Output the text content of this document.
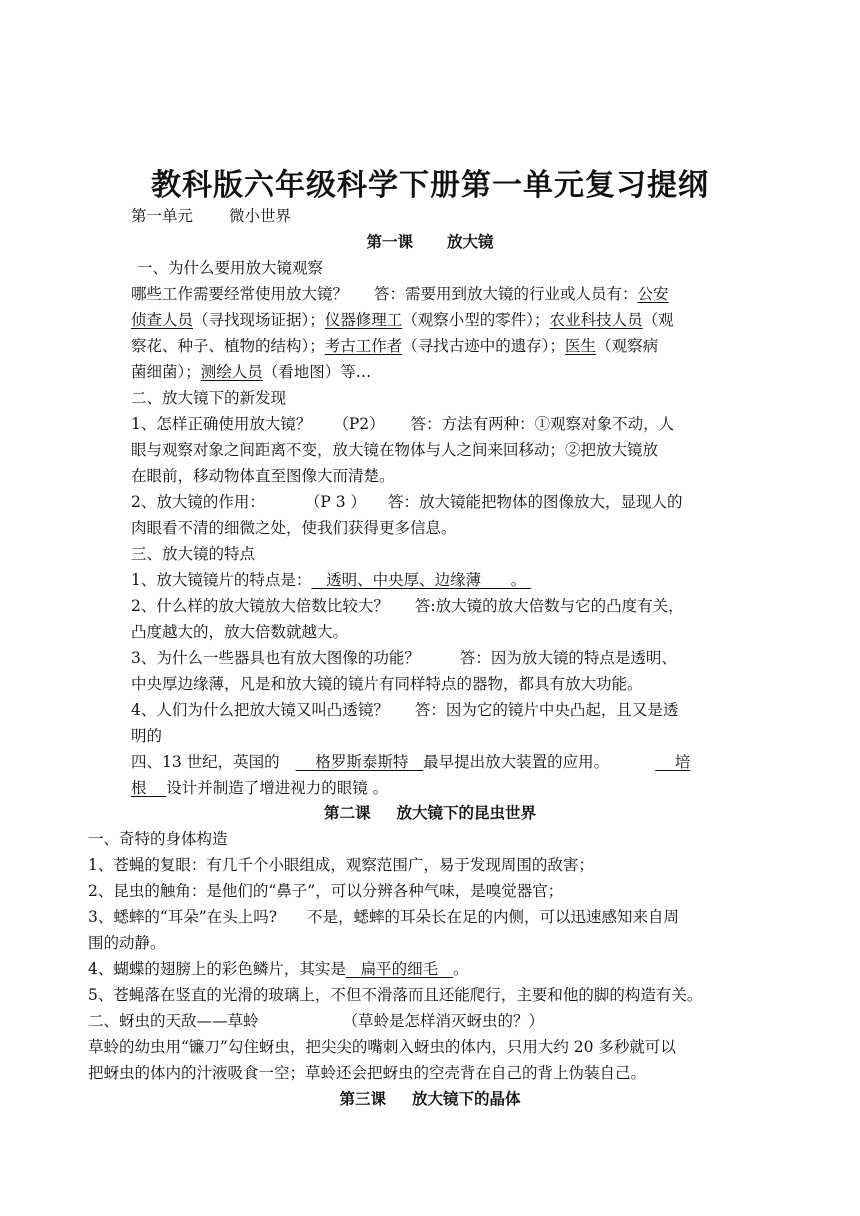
教科版六年级科学下册第一单元复习提纲
第一单元 微小世界
第一课 放大镜
一、为什么要用放大镜观察
哪些工作需要经常使用放大镜？ 答：需要用到放大镜的行业或人员有：公安
侦查人员（寻找现场证据）；仪器修理工（观察小型的零件）；农业科技人员（观
察花、种子、植物的结构）；考古工作者（寻找古迹中的遗存）；医生（观察病
菌细菌）；测绘人员（看地图）等…
二、放大镜下的新发现
1、怎样正确使用放大镜？ （P2） 答：方法有两种：①观察对象不动，人
眼与观察对象之间距离不变，放大镜在物体与人之间来回移动；②把放大镜放
在眼前，移动物体直至图像大而清楚。
2、放大镜的作用：	（P 3 ） 答：放大镜能把物体的图像放大，显现人的
肉眼看不清的细微之处，使我们获得更多信息。
三、放大镜的特点
1、放大镜镜片的特点是： 透明、中央厚、边缘薄 。
2、什么样的放大镜放大倍数比较大？ 答:放大镜的放大倍数与它的凸度有关，
凸度越大的，放大倍数就越大。
3、为什么一些器具也有放大图像的功能？	答：因为放大镜的特点是透明、
中央厚边缘薄，凡是和放大镜的镜片有同样特点的器物，都具有放大功能。
4、人们为什么把放大镜又叫凸透镜？ 答：因为它的镜片中央凸起，且又是透
明的
四、13 世纪，英国的 格罗斯泰斯特 最早提出放大装置的应用。	培
根 设计并制造了增进视力的眼镜 。
第二课 放大镜下的昆虫世界
一、奇特的身体构造
1、苍蝇的复眼：有几千个小眼组成，观察范围广，易于发现周围的敌害；
2、昆虫的触角：是他们的“鼻子”，可以分辨各种气味，是嗅觉器官；
3、蟋蟀的“耳朵”在头上吗? 不是，蟋蟀的耳朵长在足的内侧，可以迅速感知来自周
围的动静。
4、蝴蝶的翅膀上的彩色鳞片，其实是 扁平的细毛 。
5、苍蝇落在竖直的光滑的玻璃上，不但不滑落而且还能爬行，主要和他的脚的构造有关。
二、蚜虫的天敌——草蛉	（草蛉是怎样消灭蚜虫的？）
草蛉的幼虫用“镰刀”勾住蚜虫，把尖尖的嘴刺入蚜虫的体内，只用大约 20 多秒就可以
把蚜虫的体内的汁液吸食一空；草蛉还会把蚜虫的空壳背在自己的背上伪装自己。
第三课 放大镜下的晶体
